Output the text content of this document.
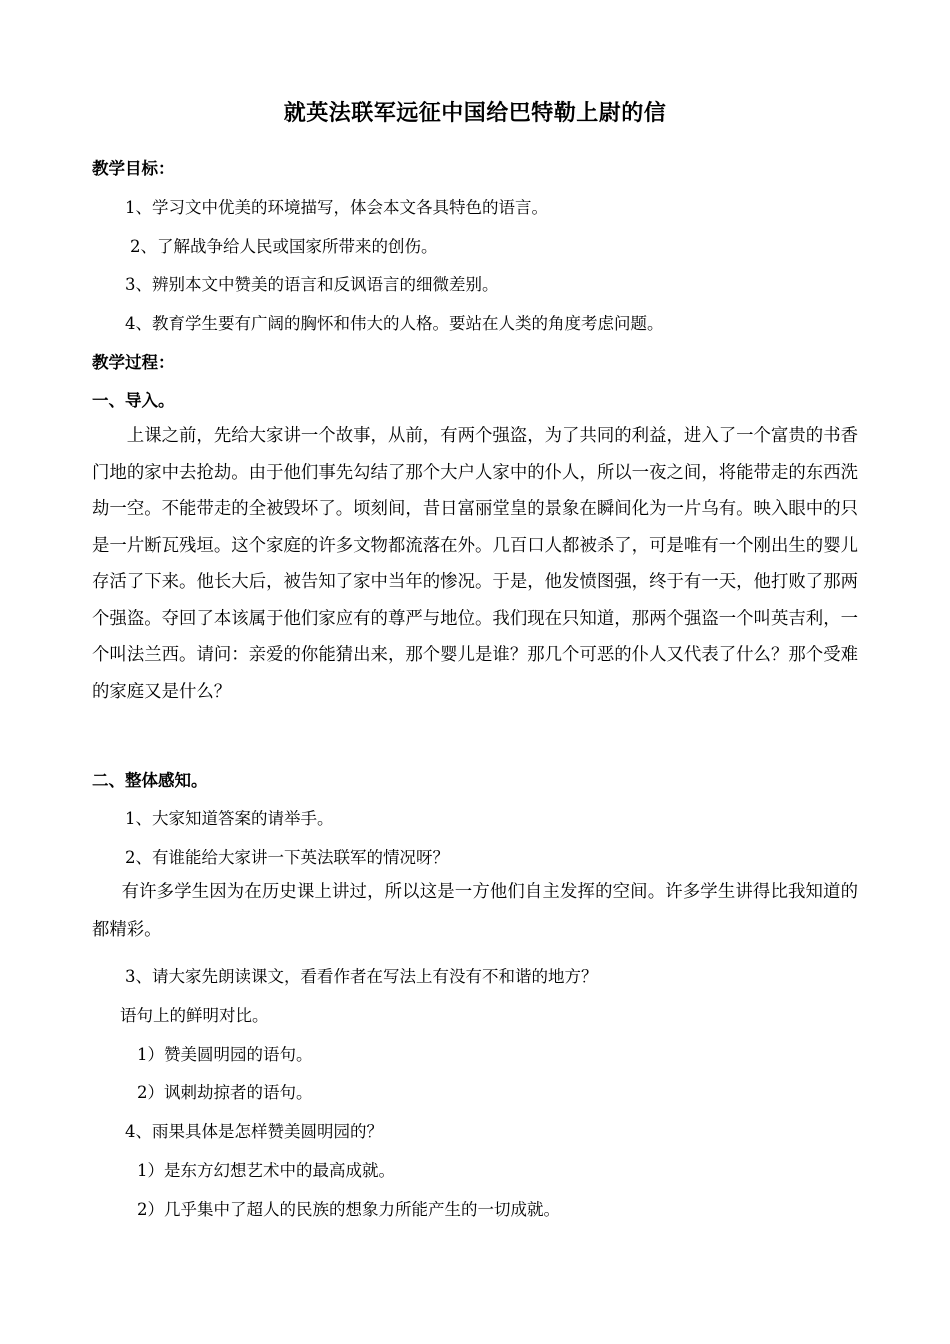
就英法联军远征中国给巴特勒上尉的信
教学目标：
1、学习文中优美的环境描写，体会本文各具特色的语言。
2、了解战争给人民或国家所带来的创伤。
3、辨别本文中赞美的语言和反讽语言的细微差别。
4、教育学生要有广阔的胸怀和伟大的人格。要站在人类的角度考虑问题。
教学过程：
一、导入。
上课之前，先给大家讲一个故事，从前，有两个强盗，为了共同的利益，进入了一个富贵的书香门地的家中去抢劫。由于他们事先勾结了那个大户人家中的仆人，所以一夜之间，将能带走的东西洗劫一空。不能带走的全被毁坏了。顷刻间，昔日富丽堂皇的景象在瞬间化为一片乌有。映入眼中的只是一片断瓦残垣。这个家庭的许多文物都流落在外。几百口人都被杀了，可是唯有一个刚出生的婴儿存活了下来。他长大后，被告知了家中当年的惨况。于是，他发愤图强，终于有一天，他打败了那两个强盗。夺回了本该属于他们家应有的尊严与地位。我们现在只知道，那两个强盗一个叫英吉利，一个叫法兰西。请问：亲爱的你能猜出来，那个婴儿是谁？那几个可恶的仆人又代表了什么？那个受难的家庭又是什么？
二、整体感知。
1、大家知道答案的请举手。
2、有谁能给大家讲一下英法联军的情况呀？
有许多学生因为在历史课上讲过，所以这是一方他们自主发挥的空间。许多学生讲得比我知道的都精彩。
3、请大家先朗读课文，看看作者在写法上有没有不和谐的地方？
语句上的鲜明对比。
1）赞美圆明园的语句。
2）讽刺劫掠者的语句。
4、雨果具体是怎样赞美圆明园的？
1）是东方幻想艺术中的最高成就。
2）几乎集中了超人的民族的想象力所能产生的一切成就。
